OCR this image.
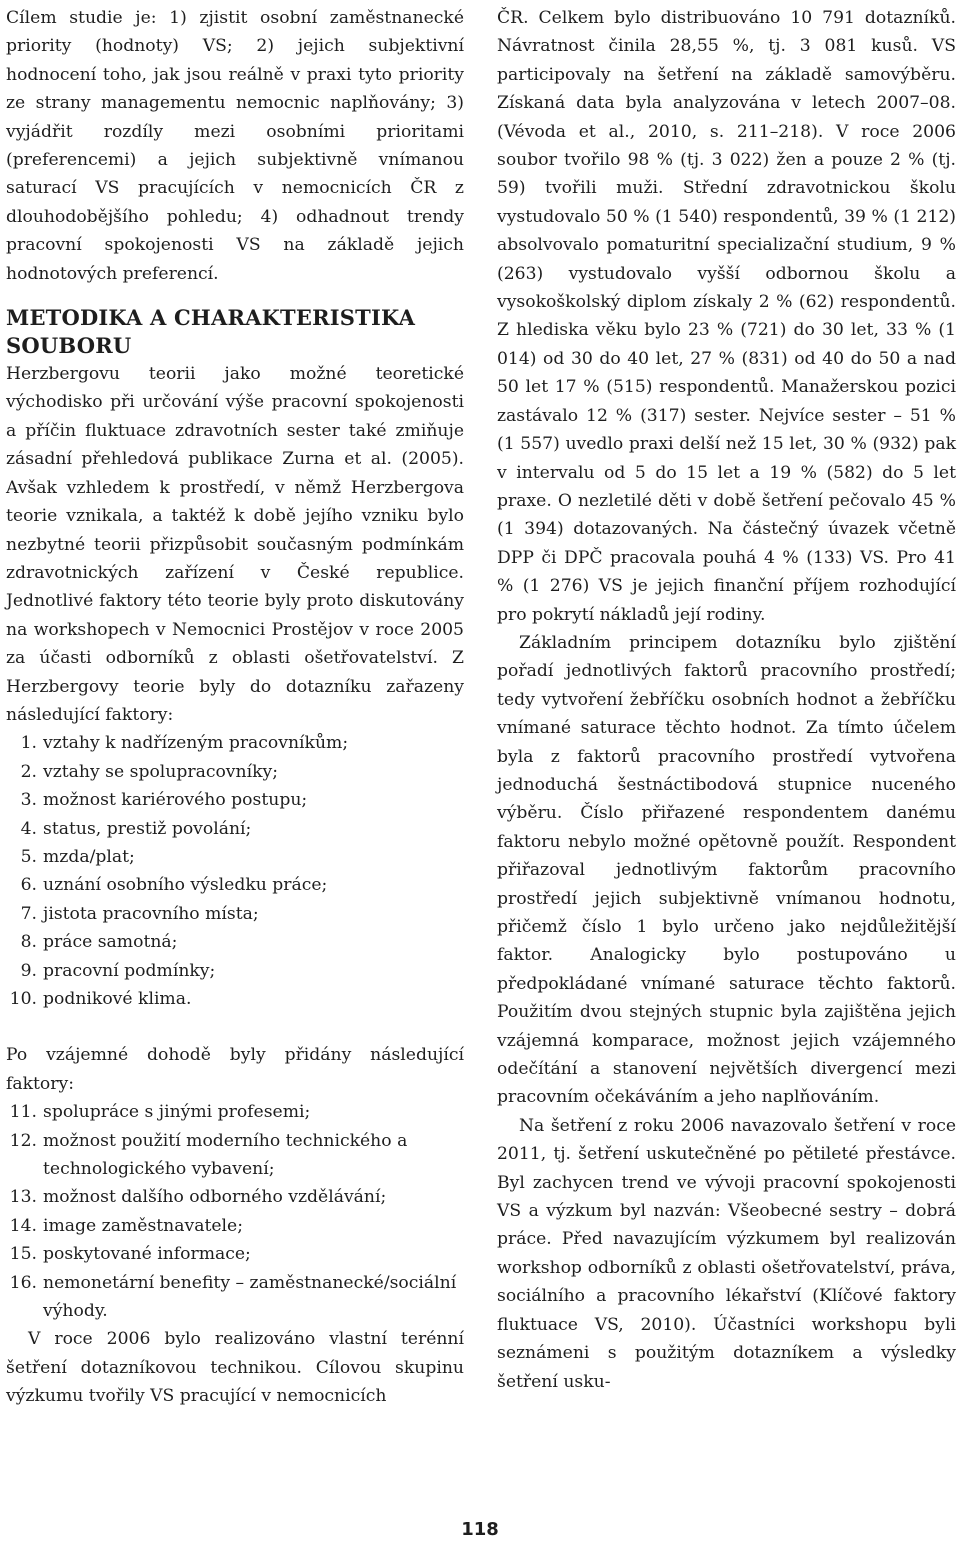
Cílem studie je: 1) zjistit osobní zaměstnanecké priority (hodnoty) VS; 2) jejich subjektivní hodnocení toho, jak jsou reálně v praxi tyto priority ze strany managementu nemocnic naplňovány; 3) vyjádřit rozdíly mezi osobními prioritami (preferencemi) a jejich subjektivně vnímanou saturací VS pracujících v nemocnicích ČR z dlouhodobějšího pohledu; 4) odhadnout trendy pracovní spokojenosti VS na základě jejich hodnotových preferencí.

METODIKA A CHARAKTERISTIKA SOUBORU

Herzbergovu teorii jako možné teoretické východisko při určování výše pracovní spokojenosti a příčin fluktuace zdravotních sester také zmiňuje zásadní přehledová publikace Zurna et al. (2005). Avšak vzhledem k prostředí, v němž Herzbergova teorie vznikala, a taktéž k době jejího vzniku bylo nezbytné teorii přizpůsobit současným podmínkám zdravotnických zařízení v České republice. Jednotlivé faktory této teorie byly proto diskutovány na workshopech v Nemocnici Prostějov v roce 2005 za účasti odborníků z oblasti ošetřovatelství. Z Herzbergovy teorie byly do dotazníku zařazeny následující faktory:

1. vztahy k nadřízeným pracovníkům;
2. vztahy se spolupracovníky;
3. možnost kariérového postupu;
4. status, prestiž povolání;
5. mzda/plat;
6. uznání osobního výsledku práce;
7. jistota pracovního místa;
8. práce samotná;
9. pracovní podmínky;
10. podnikové klima.

Po vzájemné dohodě byly přidány následující faktory:

11. spolupráce s jinými profesemi;
12. možnost použití moderního technického a technologického vybavení;
13. možnost dalšího odborného vzdělávání;
14. image zaměstnavatele;
15. poskytované informace;
16. nemonetární benefity – zaměstnanecké/sociální výhody.

V roce 2006 bylo realizováno vlastní terénní šetření dotazníkovou technikou. Cílovou skupinu výzkumu tvořily VS pracující v nemocnicích

ČR. Celkem bylo distribuováno 10 791 dotazníků. Návratnost činila 28,55 %, tj. 3 081 kusů. VS participovaly na šetření na základě samovýběru. Získaná data byla analyzována v letech 2007–08. (Vévoda et al., 2010, s. 211–218). V roce 2006 soubor tvořilo 98 % (tj. 3 022) žen a pouze 2 % (tj. 59) tvořili muži. Střední zdravotnickou školu vystudovalo 50 % (1 540) respondentů, 39 % (1 212) absolvovalo pomaturitní specializační studium, 9 % (263) vystudovalo vyšší odbornou školu a vysokoškolský diplom získaly 2 % (62) respondentů. Z hlediska věku bylo 23 % (721) do 30 let, 33 % (1 014) od 30 do 40 let, 27 % (831) od 40 do 50 a nad 50 let 17 % (515) respondentů. Manažerskou pozici zastávalo 12 % (317) sester. Nejvíce sester – 51 % (1 557) uvedlo praxi delší než 15 let, 30 % (932) pak v intervalu od 5 do 15 let a 19 % (582) do 5 let praxe. O nezletilé děti v době šetření pečovalo 45 % (1 394) dotazovaných. Na částečný úvazek včetně DPP či DPČ pracovala pouhá 4 % (133) VS. Pro 41 % (1 276) VS je jejich finanční příjem rozhodující pro pokrytí nákladů její rodiny.

Základním principem dotazníku bylo zjištění pořadí jednotlivých faktorů pracovního prostředí; tedy vytvoření žebříčku osobních hodnot a žebříčku vnímané saturace těchto hodnot. Za tímto účelem byla z faktorů pracovního prostředí vytvořena jednoduchá šestnáctibodová stupnice nuceného výběru. Číslo přiřazené respondentem danému faktoru nebylo možné opětovně použít. Respondent přiřazoval jednotlivým faktorům pracovního prostředí jejich subjektivně vnímanou hodnotu, přičemž číslo 1 bylo určeno jako nejdůležitější faktor. Analogicky bylo postupováno u předpokládané vnímané saturace těchto faktorů. Použitím dvou stejných stupnic byla zajištěna jejich vzájemná komparace, možnost jejich vzájemného odečítání a stanovení největších divergencí mezi pracovním očekáváním a jeho naplňováním.

Na šetření z roku 2006 navazovalo šetření v roce 2011, tj. šetření uskutečněné po pětileté přestávce. Byl zachycen trend ve vývoji pracovní spokojenosti VS a výzkum byl nazván: Všeobecné sestry – dobrá práce. Před navazujícím výzkumem byl realizován workshop odborníků z oblasti ošetřovatelství, práva, sociálního a pracovního lékařství (Klíčové faktory fluktuace VS, 2010). Účastníci workshopu byli seznámeni s použitým dotazníkem a výsledky šetření usku-

118
